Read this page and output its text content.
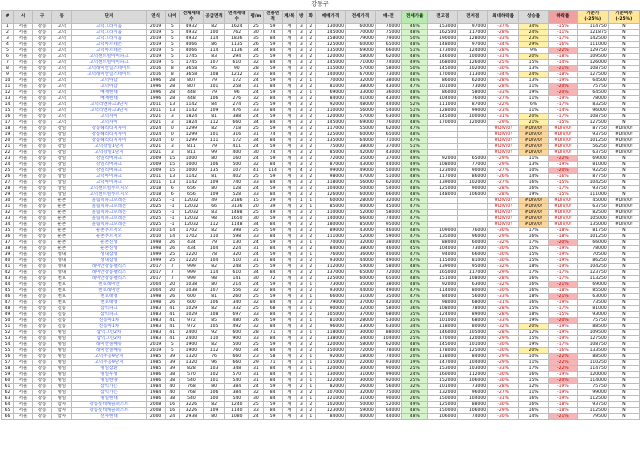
강동구
#	시	구	동	단지	연식	나이	전체세대수	공급면적	면적세대수	평/m	전용면적	계/복	방	화	매매가격	전세가격	매-전	전세가율	전고점	전저점	최대하락률	상승률	하락률	기준가(-25%)	기준여부(-25%)
1	서울	강동	고덕	고덕그라시움	2019	5	4932	82	1624	25	59	계	3	2	130000	60000	70000	46%	153000	97000	-37%	34%	-15%	114750	N
2	서울	강동	고덕	고덕그라시움	2019	5	4932	100	762	30	74	계	3	2	145000	70000	75000	48%	162500	117000	-28%	24%	-11%	121875	N
3	서울	강동	고덕	고덕그라시움	2019	5	4932	114	1836	35	84	계	3	2	158000	79000	79000	50%	190000	128000	-33%	23%	-17%	142500	N
4	서울	강동	고덕	고덕아르테온	2019	5	4066	86	1135	26	59	계	3	2	125000	60000	65000	48%	148000	97000	-34%	29%	-16%	111000	N
5	서울	강동	고덕	고덕아르테온	2019	5	4066	114	1136	34	84	계	3	2	135000	69000	66000	51%	173000	124000	-28%	9%	-22%	129750	N
6	서울	강동	고덕	고덕센트럴아이파크	2019	5	1745	83	294	25	59	계	3	2	120000	58000	62000	48%	146000	100000	-31%	20%	-18%	109500	N
7	서울	강동	고덕	고덕센트럴아이파크	2019	5	1745	107	610	32	84	계	3	2	145000	71000	74000	49%	168000	126000	-25%	15%	-14%	126000	N
8	서울	강동	고덕	고덕래미안힐스테이트	2016	8	3658	95	90	28	59	계	3	2	115000	57000	58000	50%	145000	102000	-30%	13%	-21%	108750	N
9	서울	강동	고덕	고덕래미안힐스테이트	2016	8	3658	108	1212	33	84	계	3	2	140000	67000	73000	48%	170000	113000	-34%	24%	-18%	127500	N
10	서울	강동	고덕	고덕아남	1996	28	807	79	172	24	59	계	2	1	70000	32000	38000	46%	86000	62000	-28%	13%	-19%	64500	N
11	서울	강동	고덕	고덕아남	1996	28	807	101	258	31	84	계	3	2	81000	38000	43000	47%	101000	73000	-28%	11%	-20%	75750	N
12	서울	강동	고덕	배재현대	1996	28	448	79	96	24	59	계	2	1	69000	33000	36000	48%	86000	58000	-33%	19%	-20%	64500	N
13	서울	강동	고덕	배재현대	1996	28	448	106	276	32	84	계	3	2	84000	41000	43000	49%	104000	76000	-27%	11%	-19%	78000	N
14	서울	강동	고덕	고덕리엔파크3단지	2011	13	1142	84	274	25	59	계	3	2	92000	48000	44000	52%	111000	87000	-22%	6%	-17%	83250	N
15	서울	강동	고덕	고덕리엔파크3단지	2011	13	1142	109	476	33	84	계	3	2	110000	56000	54000	51%	128000	99000	-23%	11%	-14%	96000	N
16	서울	강동	고덕	고덕자이	2021	3	1824	81	388	24	59	계	3	2	120000	57000	63000	48%	145000	100000	-31%	20%	-17%	108750	N
17	서울	강동	고덕	고덕자이	2021	3	1824	112	660	34	84	계	3	2	145000	69000	76000	48%	170000	120000	-29%	21%	-15%	127500	N
18	서울	강동	강일	강동헤리티지자이	2024	0	1299	82	718	25	59	계	3	2	117000	55000	62000	47%			#DIV/0!	#DIV/0!	#DIV/0!	87750	#DIV/0!
19	서울	강동	강일	강동헤리티지자이	2024	0	1299	101	316	31	74	계	3	2	125000	60000	65000	48%			#DIV/0!	#DIV/0!	#DIV/0!	93750	#DIV/0!
20	서울	강동	강일	강동헤리티지자이	2024	0	1299	111	172	34	84	계	3	2	135000	64000	71000	47%			#DIV/0!	#DIV/0!	#DIV/0!	101250	#DIV/0!
21	서울	강동	강일	고덕강일1단지	2021	3	811	79	411	24	59	계	3	2	75000	38000	37000	51%			#DIV/0!	#DIV/0!	#DIV/0!	56250	#DIV/0!
22	서울	강동	강일	고덕강일1단지	2021	3	811	99	400	30	74	계	3	2	85000	42000	43000	49%			#DIV/0!	#DIV/0!	#DIV/0!	63750	#DIV/0!
23	서울	강동	강일	강일리버파크	2009	15	1000	80	160	24	59	계	3	2	72000	35000	37000	49%	92000	65000	-29%	11%	-22%	69000	N
24	서울	강동	강일	강일리버파크	2009	15	1000	106	500	32	84	계	3	2	87000	43000	44000	49%	108000	77000	-29%	13%	-19%	81000	N
25	서울	강동	강일	강일리버파크	2009	15	1000	135	107	41	114	계	4	2	99000	49000	50000	49%	123000	90000	-27%	10%	-20%	92250	N
26	서울	강동	상일	고덕아이파크	2011	13	1142	81	402	25	59	계	3	2	98000	47000	51000	48%	117000	86000	-26%	14%	-16%	87750	N
27	서울	강동	상일	고덕아이파크	2011	13	1142	109	740	33	84	계	3	2	118000	56000	62000	47%	139000	102000	-27%	16%	-15%	104250	N
28	서울	강동	상일	고덕센트럴푸르지오	2018	6	656	80	128	24	59	계	3	2	104000	50000	54000	48%	125000	90000	-28%	16%	-17%	93750	N
29	서울	강동	상일	고덕센트럴푸르지오	2018	6	656	109	528	33	84	계	3	2	126000	60000	66000	48%	148000	106000	-28%	19%	-15%	111000	N
30	서울	강동	둔촌	올림픽파크포레온	2025	-1	12032	49	2186	15	29	계	1	1	60000	28000	32000	47%			#DIV/0!	#DIV/0!	#DIV/0!	45000	#DIV/0!
31	서울	강동	둔촌	올림픽파크포레온	2025	-1	12032	66	3136	20	39	계	2	1	85000	40000	45000	47%			#DIV/0!	#DIV/0!	#DIV/0!	63750	#DIV/0!
32	서울	강동	둔촌	올림픽파크포레온	2025	-1	12032	83	1488	25	49	계	3	2	110000	52000	58000	47%			#DIV/0!	#DIV/0!	#DIV/0!	82500	#DIV/0!
33	서울	강동	둔촌	올림픽파크포레온	2025	-1	12032	98	1650	30	59	계	3	2	140000	66000	74000	47%			#DIV/0!	#DIV/0!	#DIV/0!	105000	#DIV/0!
34	서울	강동	둔촌	올림픽파크포레온	2025	-1	12032	112	1148	34	84	계	3	2	180000	85000	95000	47%			#DIV/0!	#DIV/0!	#DIV/0!	135000	#DIV/0!
35	서울	강동	둔촌	둔촌푸르지오	2010	14	1702	82	398	25	59	계	3	2	89000	43000	46000	48%	109000	76000	-30%	17%	-18%	81750	N
36	서울	강동	둔촌	둔촌푸르지오	2010	14	1702	110	598	33	84	계	3	2	111000	52000	59000	47%	135000	96000	-29%	16%	-18%	101250	N
37	서울	강동	둔촌	둔촌신성	1998	26	434	79	130	24	59	계	3	1	70000	32000	38000	46%	88000	60000	-32%	17%	-20%	66000	N
38	서울	강동	둔촌	둔촌신성	1998	26	434	104	224	31	84	계	3	2	84000	38000	46000	45%	104000	73000	-30%	15%	-19%	78000	N
39	서울	강동	성내	성내삼성	1999	25	1220	78	320	24	59	계	3	1	76000	36000	40000	47%	94000	66000	-30%	15%	-19%	70500	N
40	서울	강동	성내	성내삼성	1999	25	1220	104	510	31	84	계	3	2	93000	44000	49000	47%	115000	81000	-30%	15%	-19%	86250	N
41	서울	강동	성내	래미안강동팰리스	2017	7	999	82	248	25	59	계	3	2	112000	54000	58000	48%	139000	95000	-32%	18%	-19%	104250	N
42	서울	강동	성내	래미안강동팰리스	2017	7	999	114	610	34	84	계	3	2	137000	65000	72000	47%	165000	117000	-29%	17%	-17%	123750	N
43	서울	강동	천호	래미안강동팰리스	2017	7	999	98	141	30	72	계	3	2	125000	60000	65000	48%	151000	108000	-28%	16%	-17%	113250	N
44	서울	강동	천호	천호래미안	2004	20	1038	80	214	24	59	계	3	1	73000	35000	38000	48%	92000	63000	-32%	16%	-21%	69000	N
45	서울	강동	천호	천호래미안	2004	20	1038	107	556	32	84	계	3	2	93000	44000	49000	47%	114000	80000	-30%	16%	-18%	85500	N
46	서울	강동	천호	천호태영	1998	26	600	81	260	25	59	계	3	1	66000	31000	35000	47%	84000	56000	-33%	18%	-21%	63000	N
47	서울	강동	천호	천호태영	1998	26	600	106	340	32	84	계	3	2	79000	37000	42000	47%	98000	68000	-31%	16%	-19%	73500	N
48	서울	강동	길동	삼익파크	1983	41	1029	82	332	25	68	계	3	1	90000	32000	58000	36%	108000	78000	-28%	15%	-17%	81000	N
49	서울	강동	길동	삼익파크	1983	41	1029	108	697	33	84	계	3	2	105000	37000	68000	35%	124000	89000	-28%	18%	-15%	93000	N
50	서울	강동	길동	신동아1차	1983	41	972	85	480	26	59	계	3	1	81000	28000	53000	35%	101000	68000	-33%	19%	-20%	75750	N
51	서울	강동	길동	신동아1차	1983	41	972	105	492	32	84	계	3	2	96000	33000	63000	34%	118000	80000	-32%	20%	-19%	88500	N
52	서울	강동	명일	삼익그린2차	1983	41	2400	92	600	28	71	계	3	1	118000	30000	88000	25%	146000	105000	-28%	12%	-19%	109500	N
53	서울	강동	명일	삼익그린2차	1983	41	2400	110	900	33	84	계	3	2	138000	34000	104000	25%	170000	120000	-29%	15%	-19%	127500	N
54	서울	강동	명일	래미안솔베뉴	2019	5	1900	82	500	25	59	계	3	2	120000	58000	62000	48%	145000	101000	-30%	19%	-17%	108750	N
55	서울	강동	명일	래미안솔베뉴	2019	5	1900	112	760	34	84	계	3	2	150000	72000	78000	48%	178000	125000	-30%	20%	-16%	133500	N
56	서울	강동	명일	고덕주공9단지	1985	39	1320	76	660	23	58	계	2	1	92000	18000	74000	20%	118000	84000	-29%	10%	-22%	88500	N
57	서울	강동	명일	고덕주공9단지	1985	39	1320	96	660	29	71	계	3	1	115000	22000	93000	19%	147000	104000	-29%	11%	-22%	110250	N
58	서울	강동	명일	명일삼환	1985	39	828	103	348	31	84	계	3	1	120000	30000	90000	25%	153000	103000	-33%	17%	-22%	114750	N
59	서울	강동	명일	명일우성	1986	38	570	102	570	31	84	계	3	1	130000	31000	99000	24%	160000	112000	-30%	16%	-19%	120000	N
60	서울	강동	명일	명일한양	1986	38	540	101	540	31	84	계	3	1	122000	30000	92000	25%	152000	106000	-30%	15%	-20%	114000	N
61	서울	강동	명일	삼익가든	1984	40	768	80	384	24	59	계	2	1	82000	26000	56000	32%	101000	73000	-28%	12%	-19%	75750	N
62	서울	강동	명일	삼익가든	1984	40	768	106	384	32	84	계	3	2	107000	32000	75000	30%	132000	96000	-27%	11%	-19%	99000	N
63	서울	강동	명일	명일현대	1986	38	540	100	540	30	84	계	3	1	121000	31000	90000	26%	150000	104000	-31%	16%	-19%	112500	N
64	서울	강동	암사	강동롯데캐슬퍼스트	2008	16	3226	82	1240	25	59	계	3	2	102000	50000	52000	49%	125000	88000	-30%	16%	-18%	93750	N
65	서울	강동	암사	강동롯데캐슬퍼스트	2008	16	3226	109	1140	33	84	계	3	2	123000	59000	64000	48%	150000	106000	-29%	16%	-18%	112500	N
66	서울	강동	암사	선사현대	2000	24	2938	80	1080	24	59	계	3	1	84000	40000	44000	48%	106000	74000	-30%	14%	-21%	79500	N
